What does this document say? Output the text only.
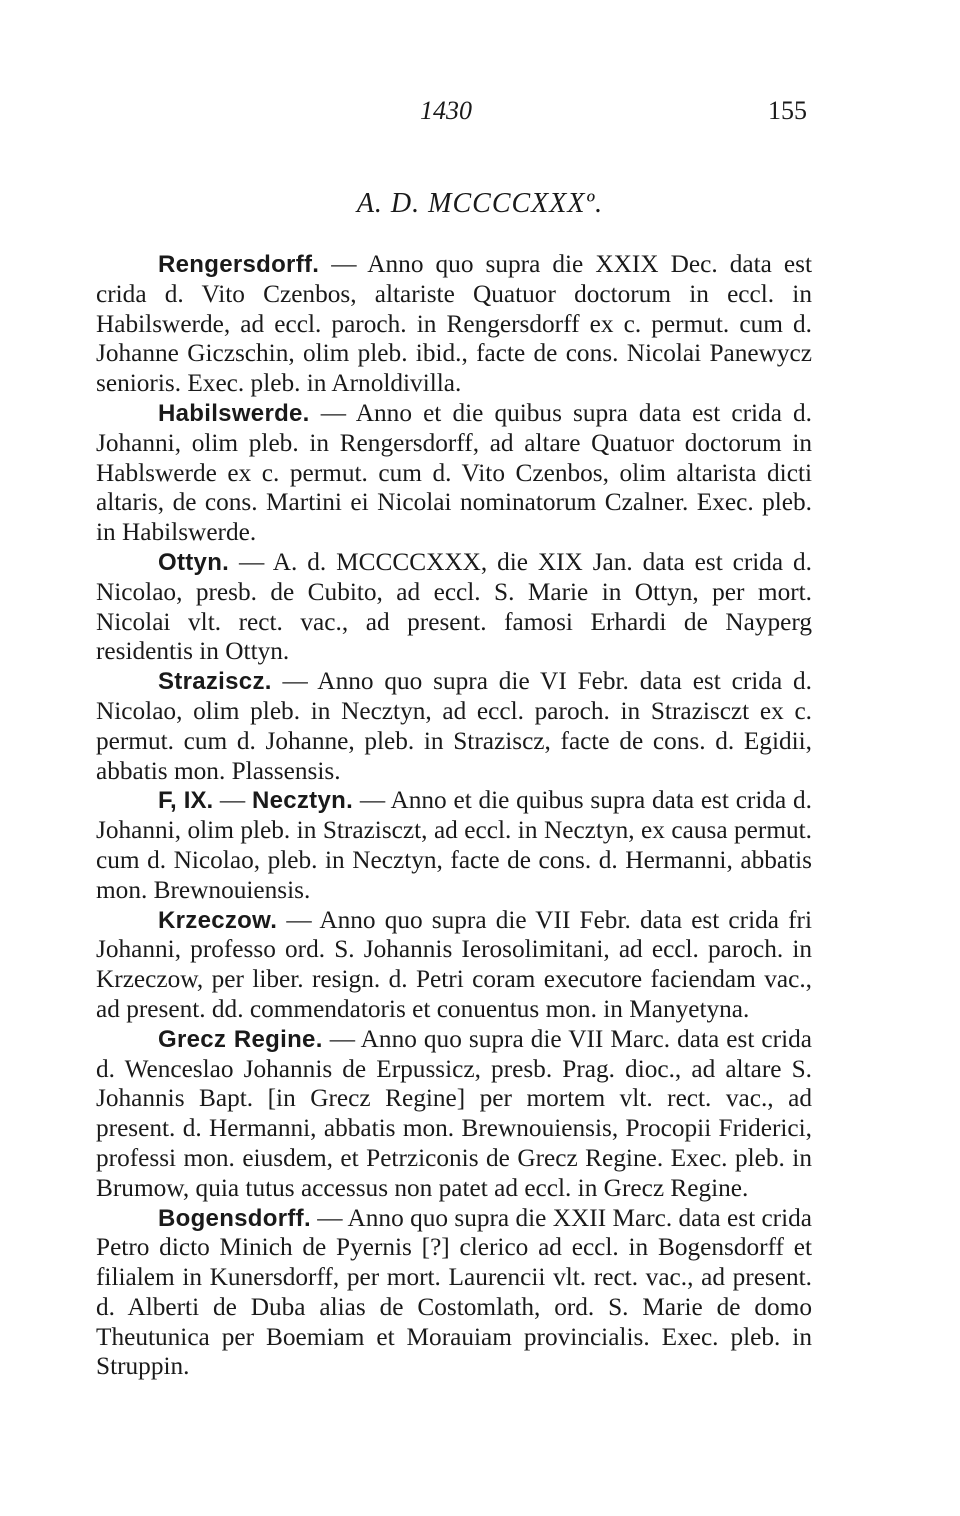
1430	155
A. D. MCCCCXXXº.

Rengersdorff. — Anno quo supra die XXIX Dec. data est crida d. Vito Czenbos, altariste Quatuor doctorum in eccl. in Habilswerde, ad eccl. paroch. in Rengersdorff ex c. permut. cum d. Johanne Giczschin, olim pleb. ibid., facte de cons. Nicolai Panewycz senioris. Exec. pleb. in Arnoldivilla.

Habilswerde. — Anno et die quibus supra data est crida d. Johanni, olim pleb. in Rengersdorff, ad altare Quatuor doctorum in Hablswerde ex c. permut. cum d. Vito Czenbos, olim altarista dicti altaris, de cons. Martini ei Nicolai nominatorum Czalner. Exec. pleb. in Habilswerde.

Ottyn. — A. d. MCCCCXXX, die XIX Jan. data est crida d. Nicolao, presb. de Cubito, ad eccl. S. Marie in Ottyn, per mort. Nicolai vlt. rect. vac., ad present. famosi Erhardi de Nayperg residentis in Ottyn.

Straziscz. — Anno quo supra die VI Febr. data est crida d. Nicolao, olim pleb. in Necztyn, ad eccl. paroch. in Strazisczt ex c. permut. cum d. Johanne, pleb. in Straziscz, facte de cons. d. Egidii, abbatis mon. Plassensis.

F, IX. — Necztyn. — Anno et die quibus supra data est crida d. Johanni, olim pleb. in Strazisczt, ad eccl. in Necztyn, ex causa permut. cum d. Nicolao, pleb. in Necztyn, facte de cons. d. Hermanni, abbatis mon. Brewnouiensis.

Krzeczow. — Anno quo supra die VII Febr. data est crida fri Johanni, professo ord. S. Johannis Ierosolimitani, ad eccl. paroch. in Krzeczow, per liber. resign. d. Petri coram executore faciendam vac., ad present. dd. commendatoris et conuentus mon. in Manyetyna.

Grecz Regine. — Anno quo supra die VII Marc. data est crida d. Wenceslao Johannis de Erpussicz, presb. Prag. dioc., ad altare S. Johannis Bapt. [in Grecz Regine] per mortem vlt. rect. vac., ad present. d. Hermanni, abbatis mon. Brewnouiensis, Procopii Friderici, professi mon. eiusdem, et Petrziconis de Grecz Regine. Exec. pleb. in Brumow, quia tutus accessus non patet ad eccl. in Grecz Regine.

Bogensdorff. — Anno quo supra die XXII Marc. data est crida Petro dicto Minich de Pyernis [?] clerico ad eccl. in Bogensdorff et filialem in Kunersdorff, per mort. Laurencii vlt. rect. vac., ad present. d. Alberti de Duba alias de Costomlath, ord. S. Marie de domo Theutunica per Boemiam et Morauiam provincialis. Exec. pleb. in Struppin.
